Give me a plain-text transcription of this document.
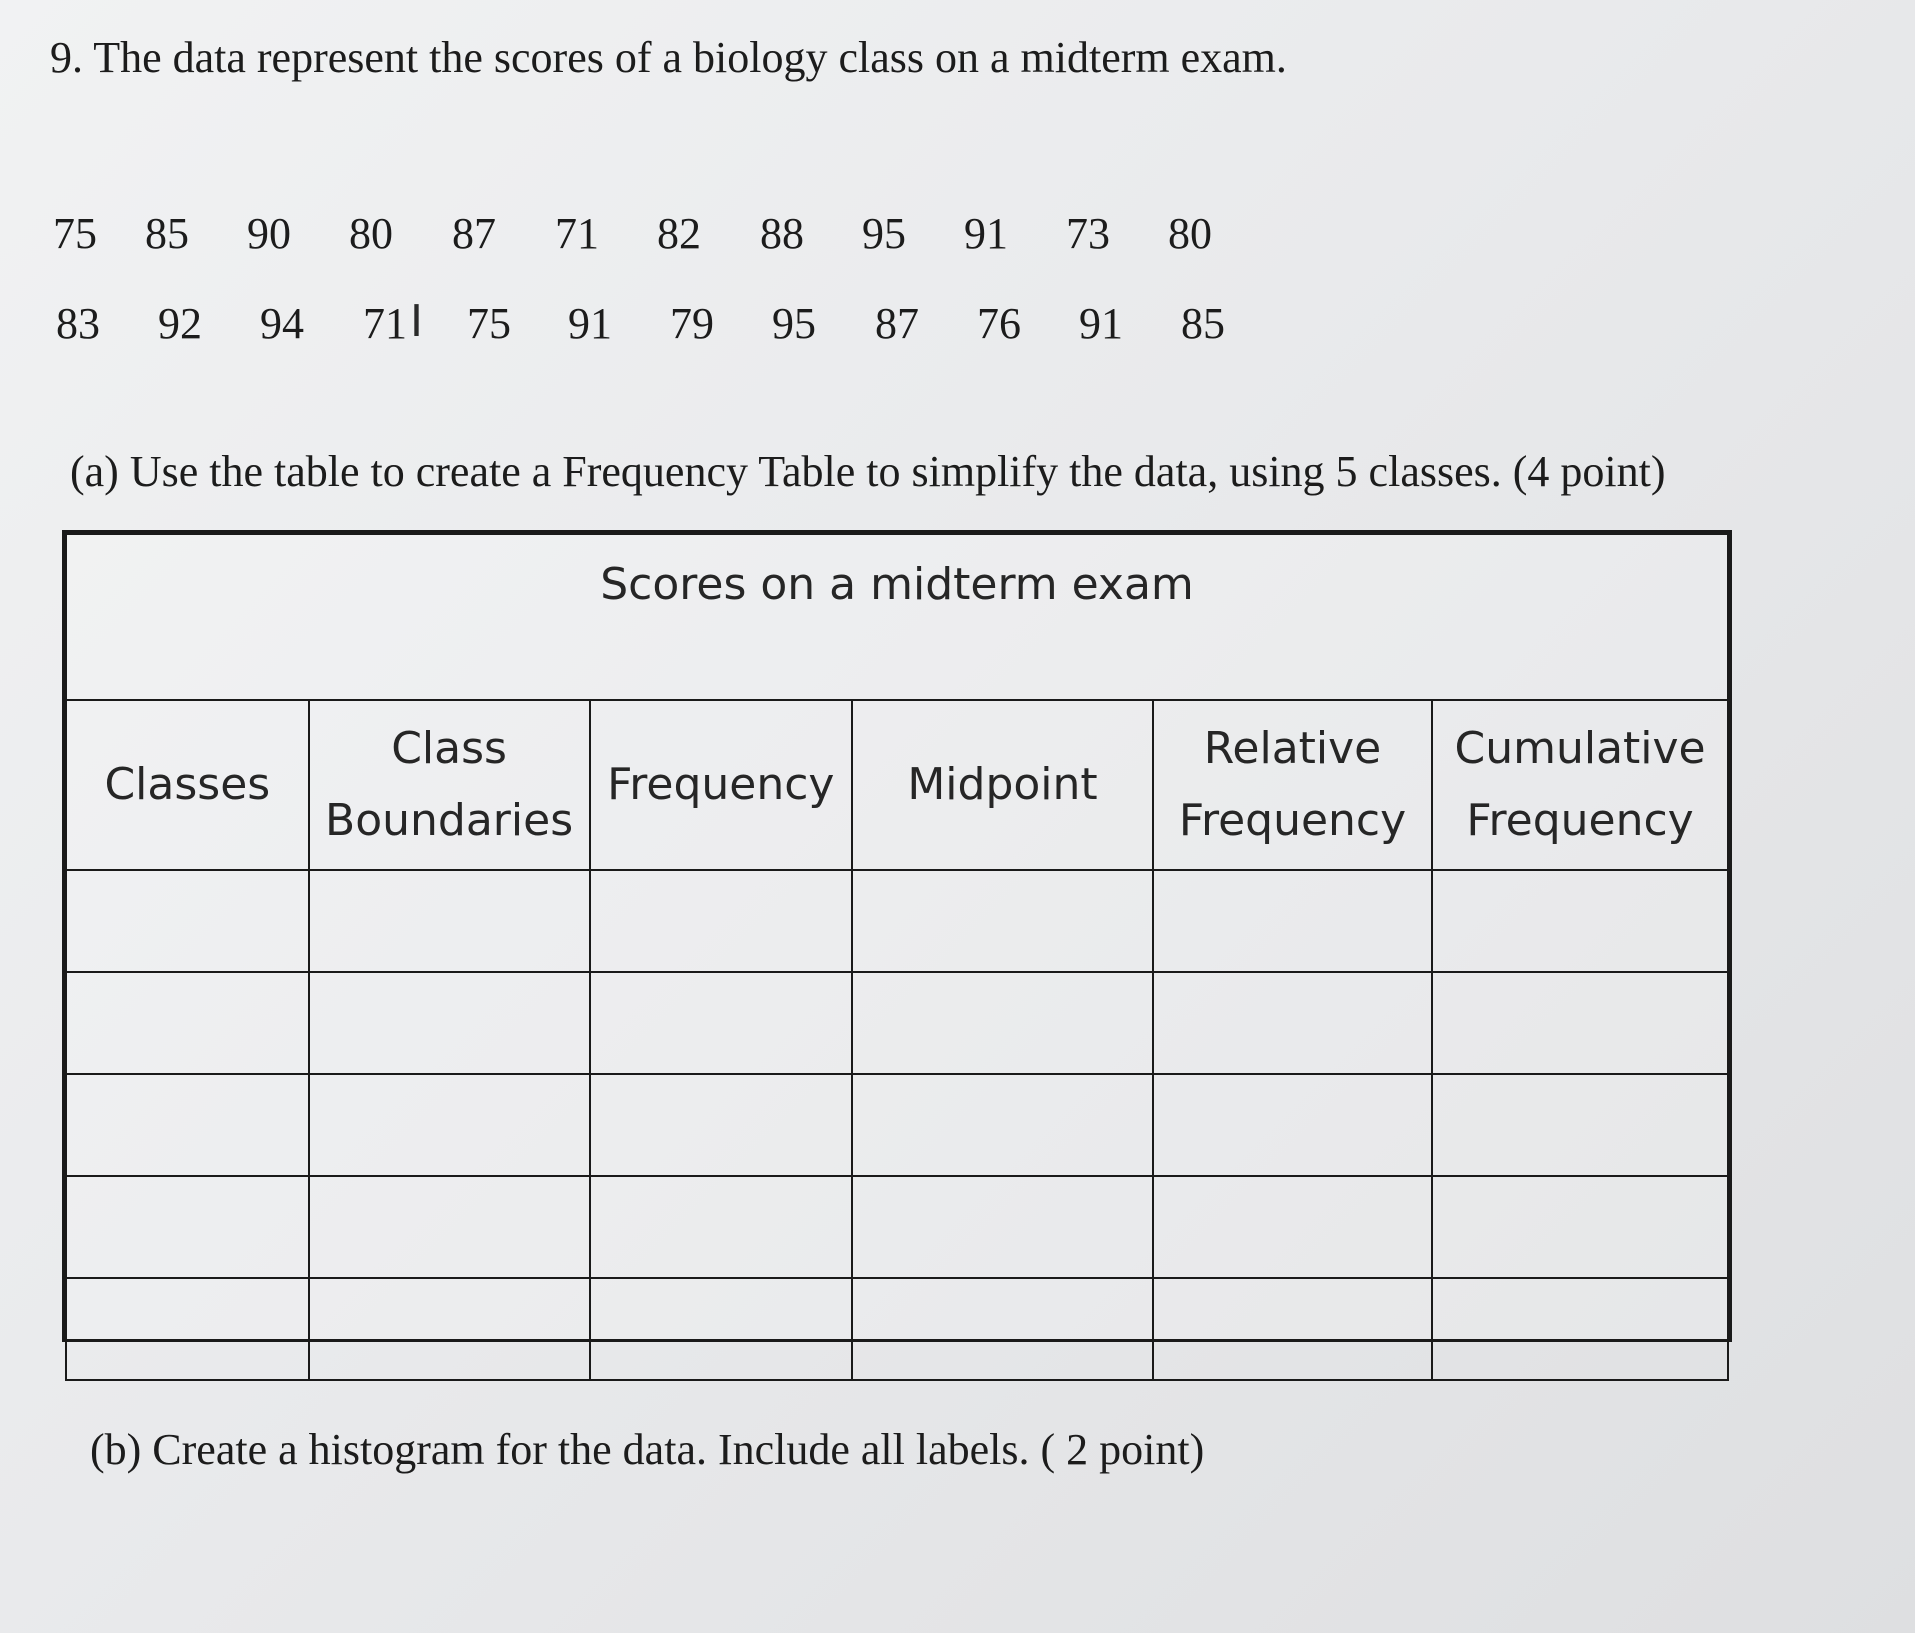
9. The data represent the scores of a biology class on a midterm exam.
75 85 90 80 87 71 82 88 95 91 73 80
83 92 94 71 75 91 79 95 87 76 91 85
I
(a) Use the table to create a Frequency Table to simplify the data, using 5 classes. (4 point)
Scores on a midterm exam					
Classes	Class Boundaries	Frequency	Midpoint	Relative Frequency	Cumulative Frequency

(b) Create a histogram for the data. Include all labels. ( 2 point)
